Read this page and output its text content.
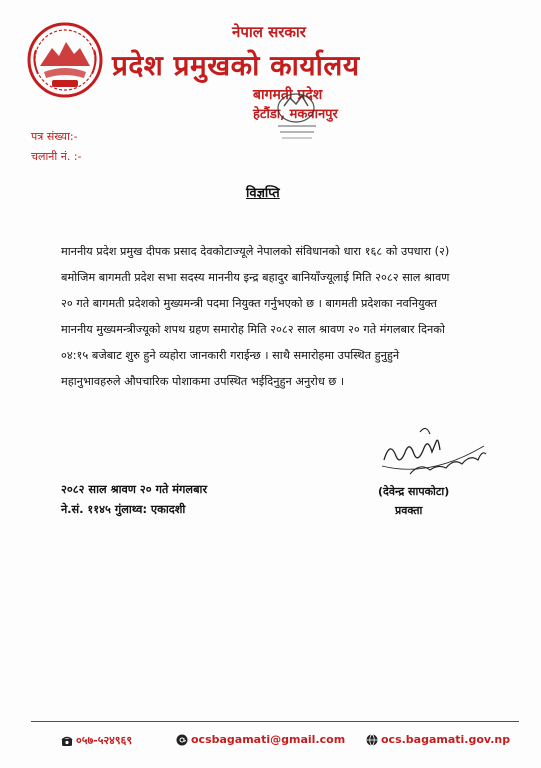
नेपाल सरकार
प्रदेश प्रमुखको कार्यालय
बागमती प्रदेश
हेटौंडा, मकवानपुर
पत्र संख्या:-
चलानी नं. :-
विज्ञप्ति
माननीय प्रदेश प्रमुख दीपक प्रसाद देवकोटाज्यूले नेपालको संविधानको धारा १६८ को उपधारा (२)
बमोजिम बागमती प्रदेश सभा सदस्य माननीय इन्द्र बहादुर बानियाँज्यूलाई मिति २०८२ साल श्रावण
२० गते बागमती प्रदेशको मुख्यमन्त्री पदमा नियुक्त गर्नुभएको छ । बागमती प्रदेशका नवनियुक्त
माननीय मुख्यमन्त्रीज्यूको शपथ ग्रहण समारोह मिति २०८२ साल श्रावण २० गते मंगलबार दिनको
०४:१५ बजेबाट शुरु हुने व्यहोरा जानकारी गराईन्छ । साथै समारोहमा उपस्थित हुनुहुने
महानुभावहरुले औपचारिक पोशाकमा उपस्थित भईदिनुहुन अनुरोध छ ।
२०८२ साल श्रावण २० गते मंगलबार
ने.सं. ११४५ गुंलाथ्व: एकादशी
(देवेन्द्र सापकोटा)
प्रवक्ता
०५७-५२४९६९	ocsbagamati@gmail.com	ocs.bagamati.gov.np
